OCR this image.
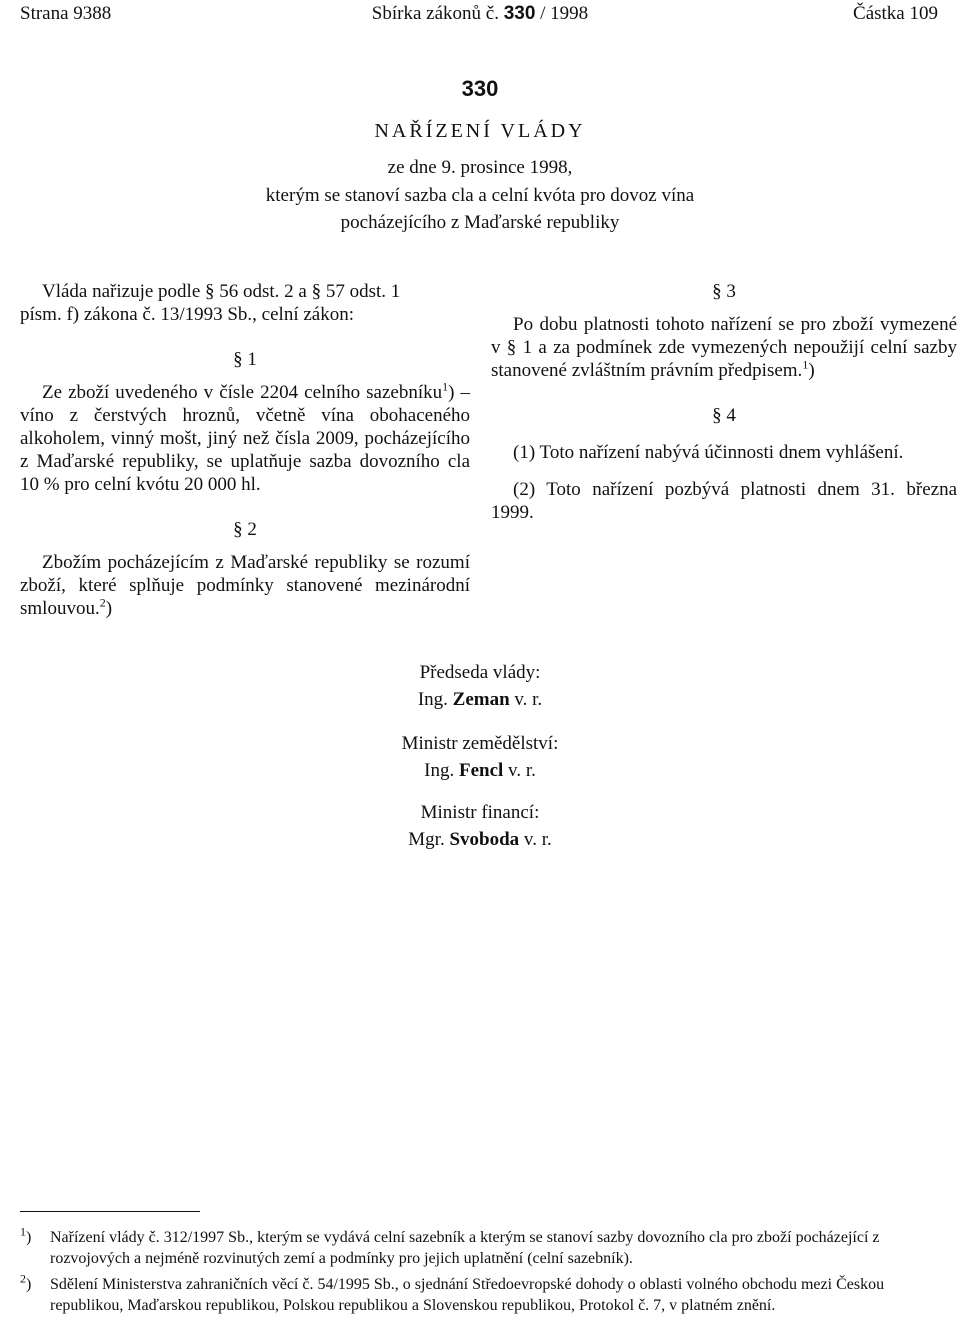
Strana 9388	Sbírka zákonů č. 330 / 1998	Částka 109
330
NAŘÍZENÍ VLÁDY
ze dne 9. prosince 1998,
kterým se stanoví sazba cla a celní kvóta pro dovoz vína
pocházejícího z Maďarské republiky

Vláda nařizuje podle § 56 odst. 2 a § 57 odst. 1

písm. f) zákona č. 13/1993 Sb., celní zákon:

§ 1

Ze zboží uvedeného v čísle 2204 celního sazebníku$^1$) – víno z čerstvých hroznů, včetně vína obohaceného alkoholem, vinný mošt, jiný než čísla 2009, pocházejícího z Maďarské republiky, se uplatňuje sazba dovozního cla 10 % pro celní kvótu 20 000 hl.

§ 2

Zbožím pocházejícím z Maďarské republiky se rozumí zboží, které splňuje podmínky stanovené mezinárodní smlouvou.$^2$)

§ 3

Po dobu platnosti tohoto nařízení se pro zboží vymezené v § 1 a za podmínek zde vymezených nepoužijí celní sazby stanovené zvláštním právním předpisem.$^1$)

§ 4

(1) Toto nařízení nabývá účinnosti dnem vyhlášení.

(2) Toto nařízení pozbývá platnosti dnem 31. března 1999.

Předseda vlády:
Ing. Zeman v. r.
Ministr zemědělství:
Ing. Fencl v. r.
Ministr financí:
Mgr. Svoboda v. r.
$^1$) Nařízení vlády č. 312/1997 Sb., kterým se vydává celní sazebník a kterým se stanoví sazby dovozního cla pro zboží pocházející z rozvojových a nejméně rozvinutých zemí a podmínky pro jejich uplatnění (celní sazebník).
$^2$) Sdělení Ministerstva zahraničních věcí č. 54/1995 Sb., o sjednání Středoevropské dohody o oblasti volného obchodu mezi Českou republikou, Maďarskou republikou, Polskou republikou a Slovenskou republikou, Protokol č. 7, v platném znění.
